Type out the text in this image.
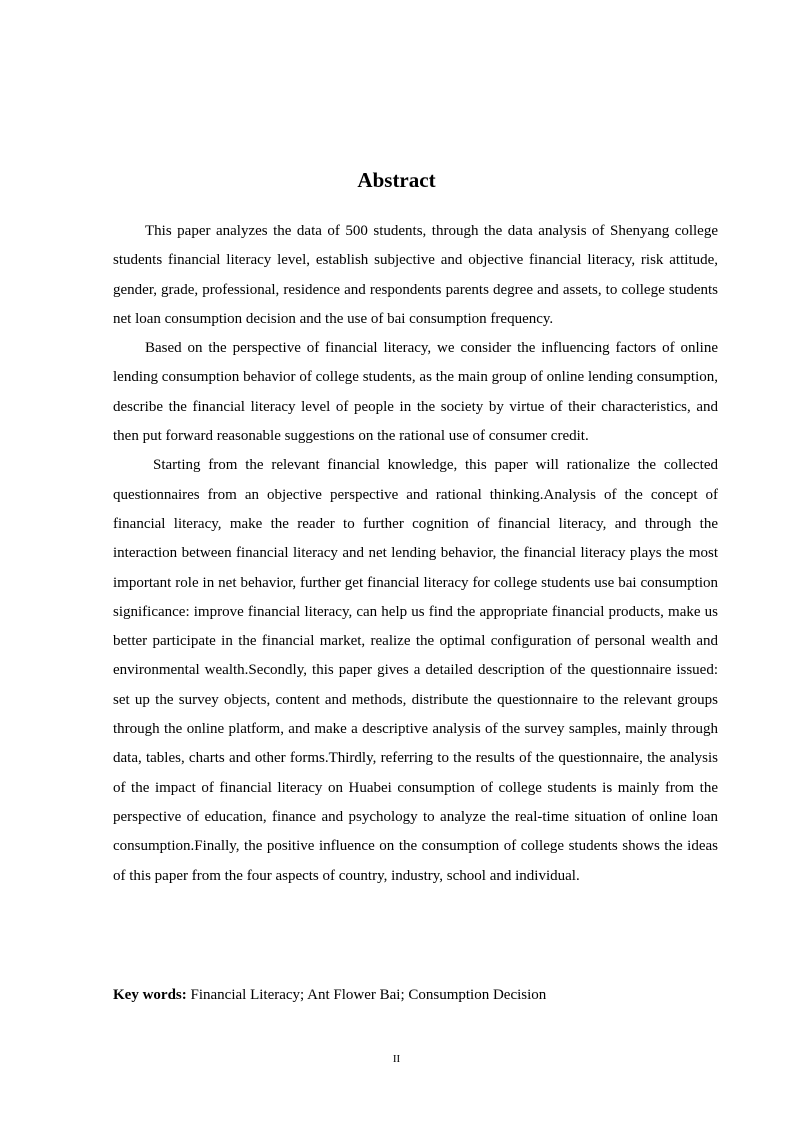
Abstract

This paper analyzes the data of 500 students, through the data analysis of Shenyang college students financial literacy level, establish subjective and objective financial literacy, risk attitude, gender, grade, professional, residence and respondents parents degree and assets, to college students net loan consumption decision and the use of bai consumption frequency.

Based on the perspective of financial literacy, we consider the influencing factors of online lending consumption behavior of college students, as the main group of online lending consumption, describe the financial literacy level of people in the society by virtue of their characteristics, and then put forward reasonable suggestions on the rational use of consumer credit.

Starting from the relevant financial knowledge, this paper will rationalize the collected questionnaires from an objective perspective and rational thinking.Analysis of the concept of financial literacy, make the reader to further cognition of financial literacy, and through the interaction between financial literacy and net lending behavior, the financial literacy plays the most important role in net behavior, further get financial literacy for college students use bai consumption significance: improve financial literacy, can help us find the appropriate financial products, make us better participate in the financial market, realize the optimal configuration of personal wealth and environmental wealth.Secondly, this paper gives a detailed description of the questionnaire issued: set up the survey objects, content and methods, distribute the questionnaire to the relevant groups through the online platform, and make a descriptive analysis of the survey samples, mainly through data, tables, charts and other forms.Thirdly, referring to the results of the questionnaire, the analysis of the impact of financial literacy on Huabei consumption of college students is mainly from the perspective of education, finance and psychology to analyze the real-time situation of online loan consumption.Finally, the positive influence on the consumption of college students shows the ideas of this paper from the four aspects of country, industry, school and individual.

Key words: Financial Literacy; Ant Flower Bai; Consumption Decision
II
